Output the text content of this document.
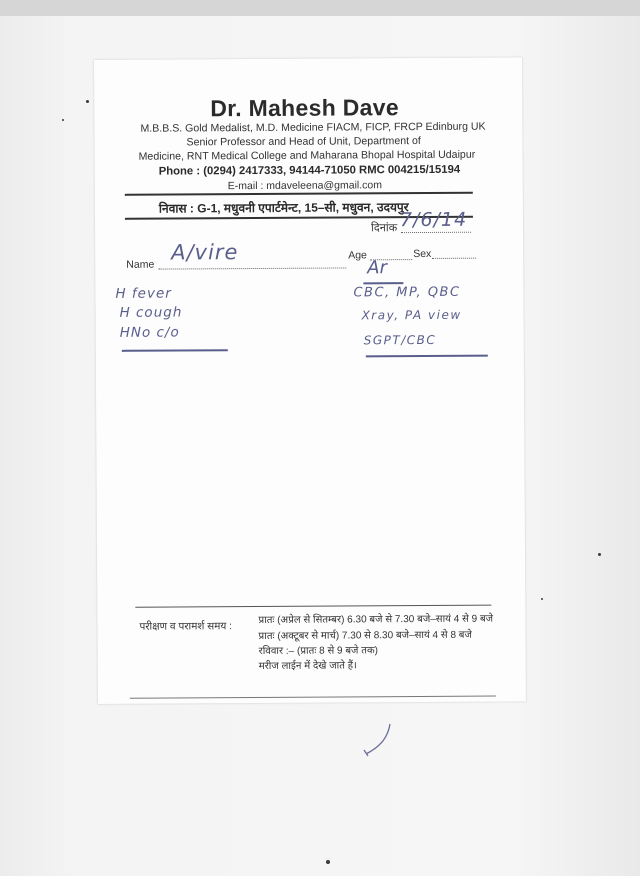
Dr. Mahesh Dave
M.B.B.S. Gold Medalist, M.D. Medicine FIACM, FICP, FRCP Edinburg UK
Senior Professor and Head of Unit, Department of
Medicine, RNT Medical College and Maharana Bhopal Hospital Udaipur
Phone : (0294) 2417333, 94144-71050 RMC 004215/15194
E-mail : mdaveleena@gmail.com
निवास : G-1, मधुवनी एपार्टमेन्ट, 15–सी, मधुवन, उदयपुर
दिनांक 7/6/14
Name
A/vire	Age	Sex
Ar
H fever
H cough
HNo c/o
CBC, MP, QBC
Xray, PA view
SGPT/CBC
परीक्षण व परामर्श समय :
प्रातः (अप्रेल से सितम्बर) 6.30 बजे से 7.30 बजे–सायं 4 से 9 बजे
प्रातः (अक्टूबर से मार्च) 7.30 से 8.30 बजे–सायं 4 से 8 बजे
रविवार :– (प्रातः 8 से 9 बजे तक)
मरीज लाईन में देखे जाते हैं।
